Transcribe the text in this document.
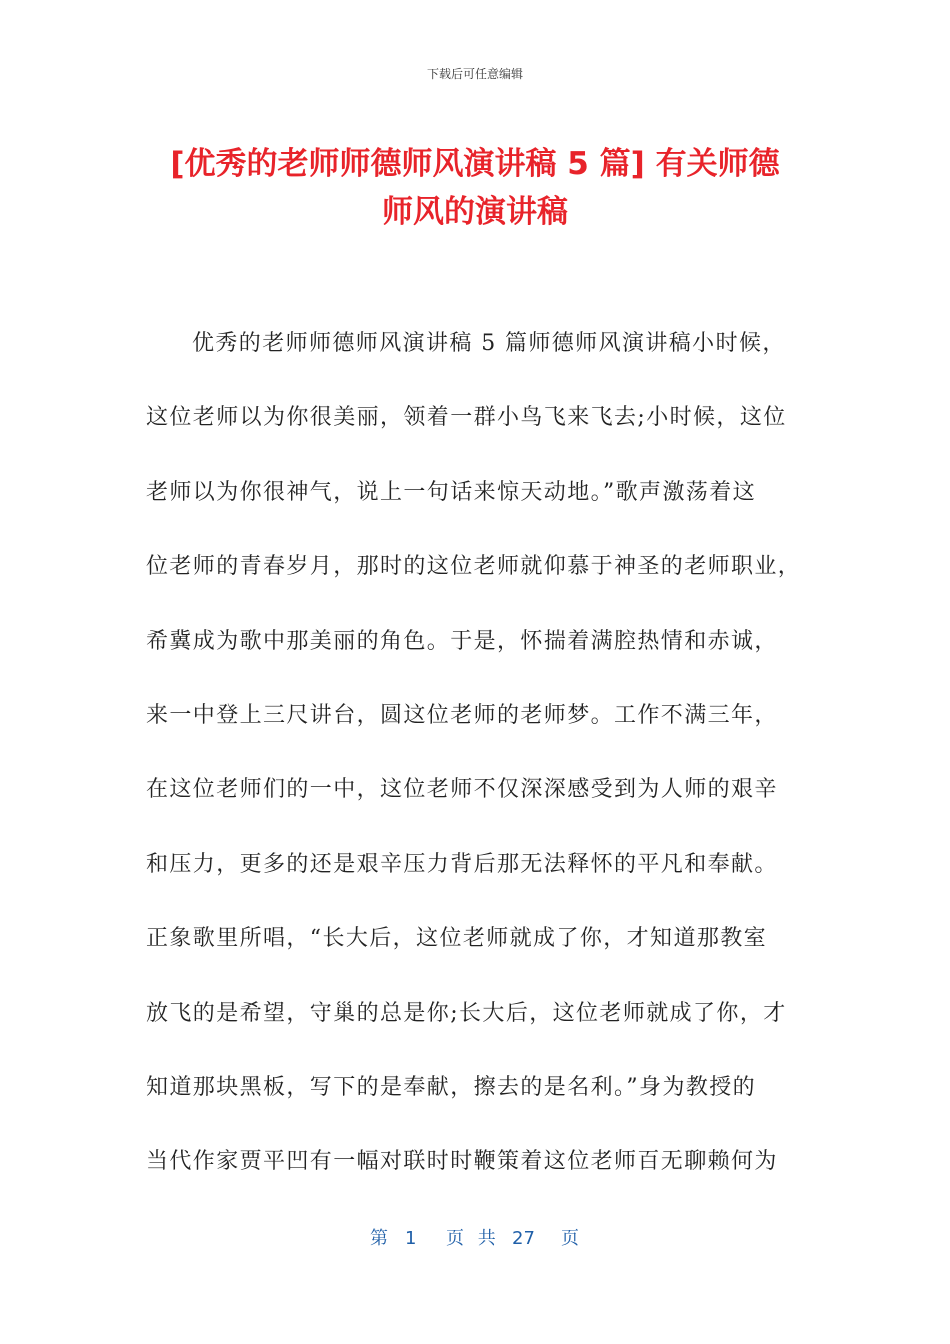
下载后可任意编辑
[优秀的老师师德师风演讲稿 5 篇] 有关师德
师风的演讲稿
优秀的老师师德师风演讲稿 5 篇师德师风演讲稿小时候，
这位老师以为你很美丽，领着一群小鸟飞来飞去;小时候，这位
老师以为你很神气，说上一句话来惊天动地。”歌声激荡着这
位老师的青春岁月，那时的这位老师就仰慕于神圣的老师职业，
希冀成为歌中那美丽的角色。于是，怀揣着满腔热情和赤诚，
来一中登上三尺讲台，圆这位老师的老师梦。工作不满三年，
在这位老师们的一中，这位老师不仅深深感受到为人师的艰辛
和压力，更多的还是艰辛压力背后那无法释怀的平凡和奉献。
正象歌里所唱，“长大后，这位老师就成了你，才知道那教室
放飞的是希望，守巢的总是你;长大后，这位老师就成了你，才
知道那块黑板，写下的是奉献，擦去的是名利。”身为教授的
当代作家贾平凹有一幅对联时时鞭策着这位老师百无聊赖何为
第 1 页 共 27 页
